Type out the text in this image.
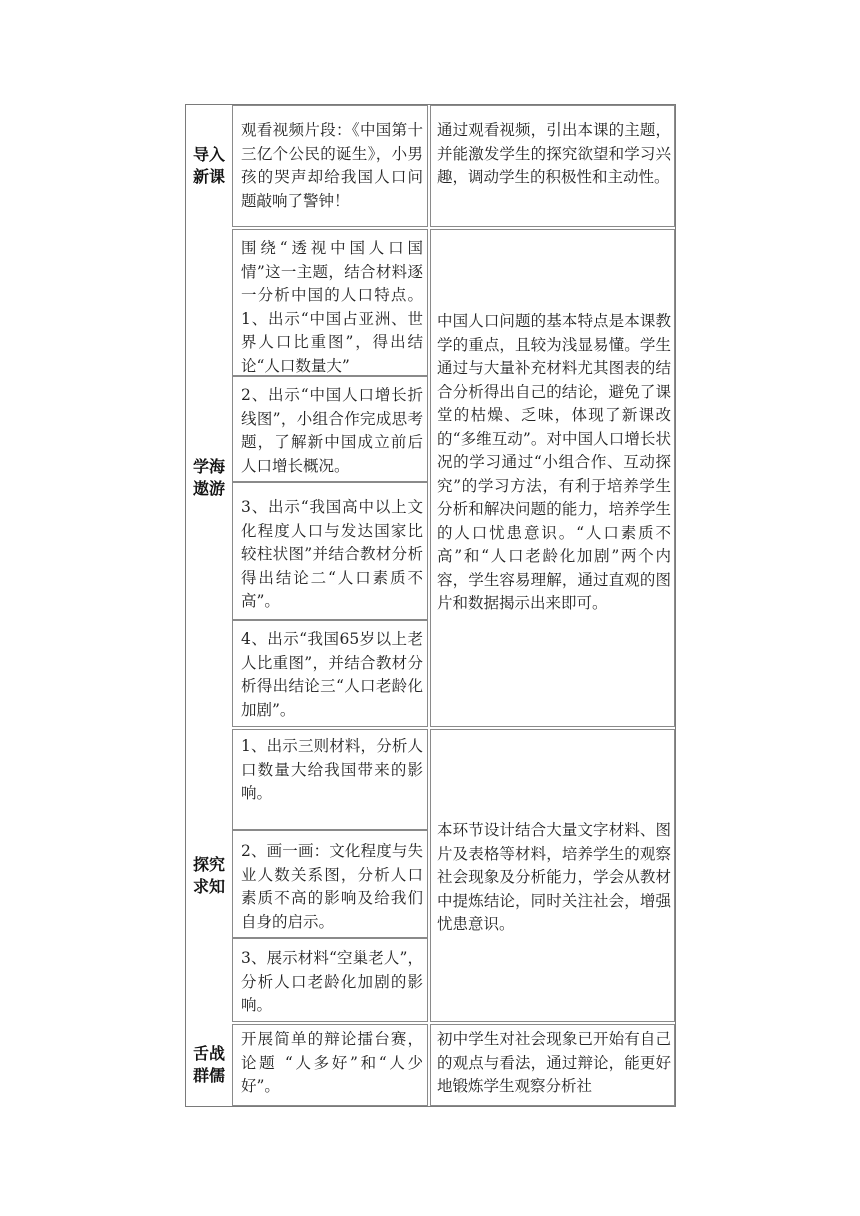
导入新课
观看视频片段：《中国第十三亿个公民的诞生》，小男孩的哭声却给我国人口问题敲响了警钟！
通过观看视频，引出本课的主题，并能激发学生的探究欲望和学习兴趣，调动学生的积极性和主动性。
学海遨游
围绕“透视中国人口国情”这一主题，结合材料逐一分析中国的人口特点。1、出示“中国占亚洲、世界人口比重图”，得出结论“人口数量大”
2、出示“中国人口增长折线图”，小组合作完成思考题，了解新中国成立前后人口增长概况。
3、出示“我国高中以上文化程度人口与发达国家比较柱状图”并结合教材分析得出结论二“人口素质不高”。
4、出示“我国65岁以上老人比重图”，并结合教材分析得出结论三“人口老龄化加剧”。
中国人口问题的基本特点是本课教学的重点，且较为浅显易懂。学生通过与大量补充材料尤其图表的结合分析得出自己的结论，避免了课堂的枯燥、乏味，体现了新课改的“多维互动”。对中国人口增长状况的学习通过“小组合作、互动探究”的学习方法，有利于培养学生分析和解决问题的能力，培养学生的人口忧患意识。“人口素质不高”和“人口老龄化加剧”两个内容，学生容易理解，通过直观的图片和数据揭示出来即可。
探究求知
1、出示三则材料，分析人口数量大给我国带来的影响。
2、画一画：文化程度与失业人数关系图，分析人口素质不高的影响及给我们自身的启示。
3、展示材料“空巢老人”，分析人口老龄化加剧的影响。
本环节设计结合大量文字材料、图片及表格等材料，培养学生的观察社会现象及分析能力，学会从教材中提炼结论，同时关注社会，增强忧患意识。
舌战群儒
开展简单的辩论擂台赛，论题 “人多好”和“人少好”。
初中学生对社会现象已开始有自己的观点与看法，通过辩论，能更好地锻炼学生观察分析社
